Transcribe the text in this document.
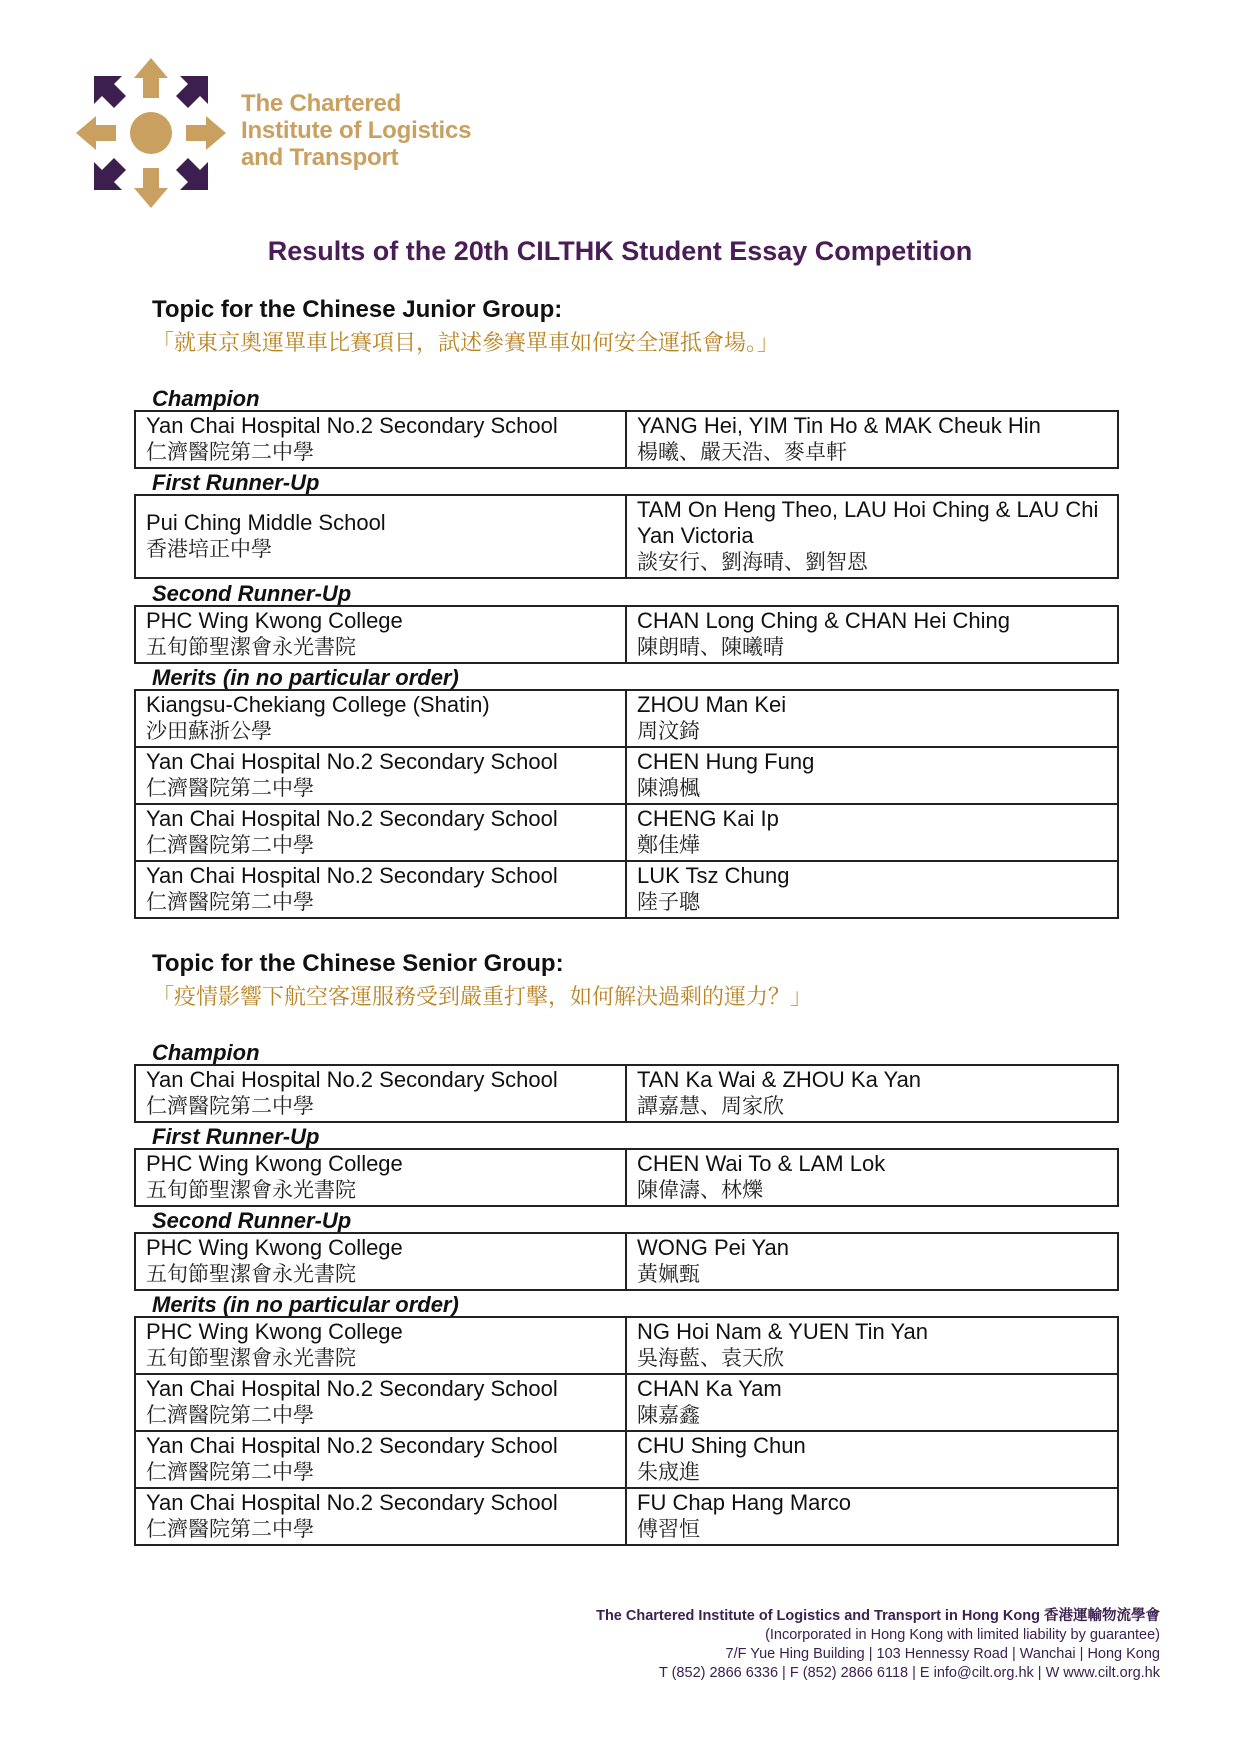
The Chartered
Institute of Logistics
and Transport
Results of the 20th CILTHK Student Essay Competition
Topic for the Chinese Junior Group:
「就東京奧運單車比賽項目，試述參賽單車如何安全運抵會場。」
Champion
Yan Chai Hospital No.2 Secondary School
仁濟醫院第二中學
YANG Hei, YIM Tin Ho & MAK Cheuk Hin
楊曦、嚴天浩、麥卓軒
First Runner-Up
Pui Ching Middle School
香港培正中學
TAM On Heng Theo, LAU Hoi Ching & LAU Chi Yan Victoria
談安行、劉海晴、劉智恩
Second Runner-Up
PHC Wing Kwong College
五旬節聖潔會永光書院
CHAN Long Ching & CHAN Hei Ching
陳朗晴、陳曦晴
Merits (in no particular order)
Kiangsu-Chekiang College (Shatin)
沙田蘇浙公學
ZHOU Man Kei
周汶錡
Yan Chai Hospital No.2 Secondary School
仁濟醫院第二中學
CHEN Hung Fung
陳鴻楓
Yan Chai Hospital No.2 Secondary School
仁濟醫院第二中學
CHENG Kai Ip
鄭佳燁
Yan Chai Hospital No.2 Secondary School
仁濟醫院第二中學
LUK Tsz Chung
陸子聰
Topic for the Chinese Senior Group:
「疫情影響下航空客運服務受到嚴重打擊，如何解決過剩的運力？」
Champion
Yan Chai Hospital No.2 Secondary School
仁濟醫院第二中學
TAN Ka Wai & ZHOU Ka Yan
譚嘉慧、周家欣
First Runner-Up
PHC Wing Kwong College
五旬節聖潔會永光書院
CHEN Wai To & LAM Lok
陳偉濤、林爍
Second Runner-Up
PHC Wing Kwong College
五旬節聖潔會永光書院
WONG Pei Yan
黃姵甄
Merits (in no particular order)
PHC Wing Kwong College
五旬節聖潔會永光書院
NG Hoi Nam & YUEN Tin Yan
吳海藍、袁天欣
Yan Chai Hospital No.2 Secondary School
仁濟醫院第二中學
CHAN Ka Yam
陳嘉鑫
Yan Chai Hospital No.2 Secondary School
仁濟醫院第二中學
CHU Shing Chun
朱宬進
Yan Chai Hospital No.2 Secondary School
仁濟醫院第二中學
FU Chap Hang Marco
傅習恒
The Chartered Institute of Logistics and Transport in Hong Kong 香港運輸物流學會
(Incorporated in Hong Kong with limited liability by guarantee)
7/F Yue Hing Building | 103 Hennessy Road | Wanchai | Hong Kong
T (852) 2866 6336 | F (852) 2866 6118 | E info@cilt.org.hk | W www.cilt.org.hk
